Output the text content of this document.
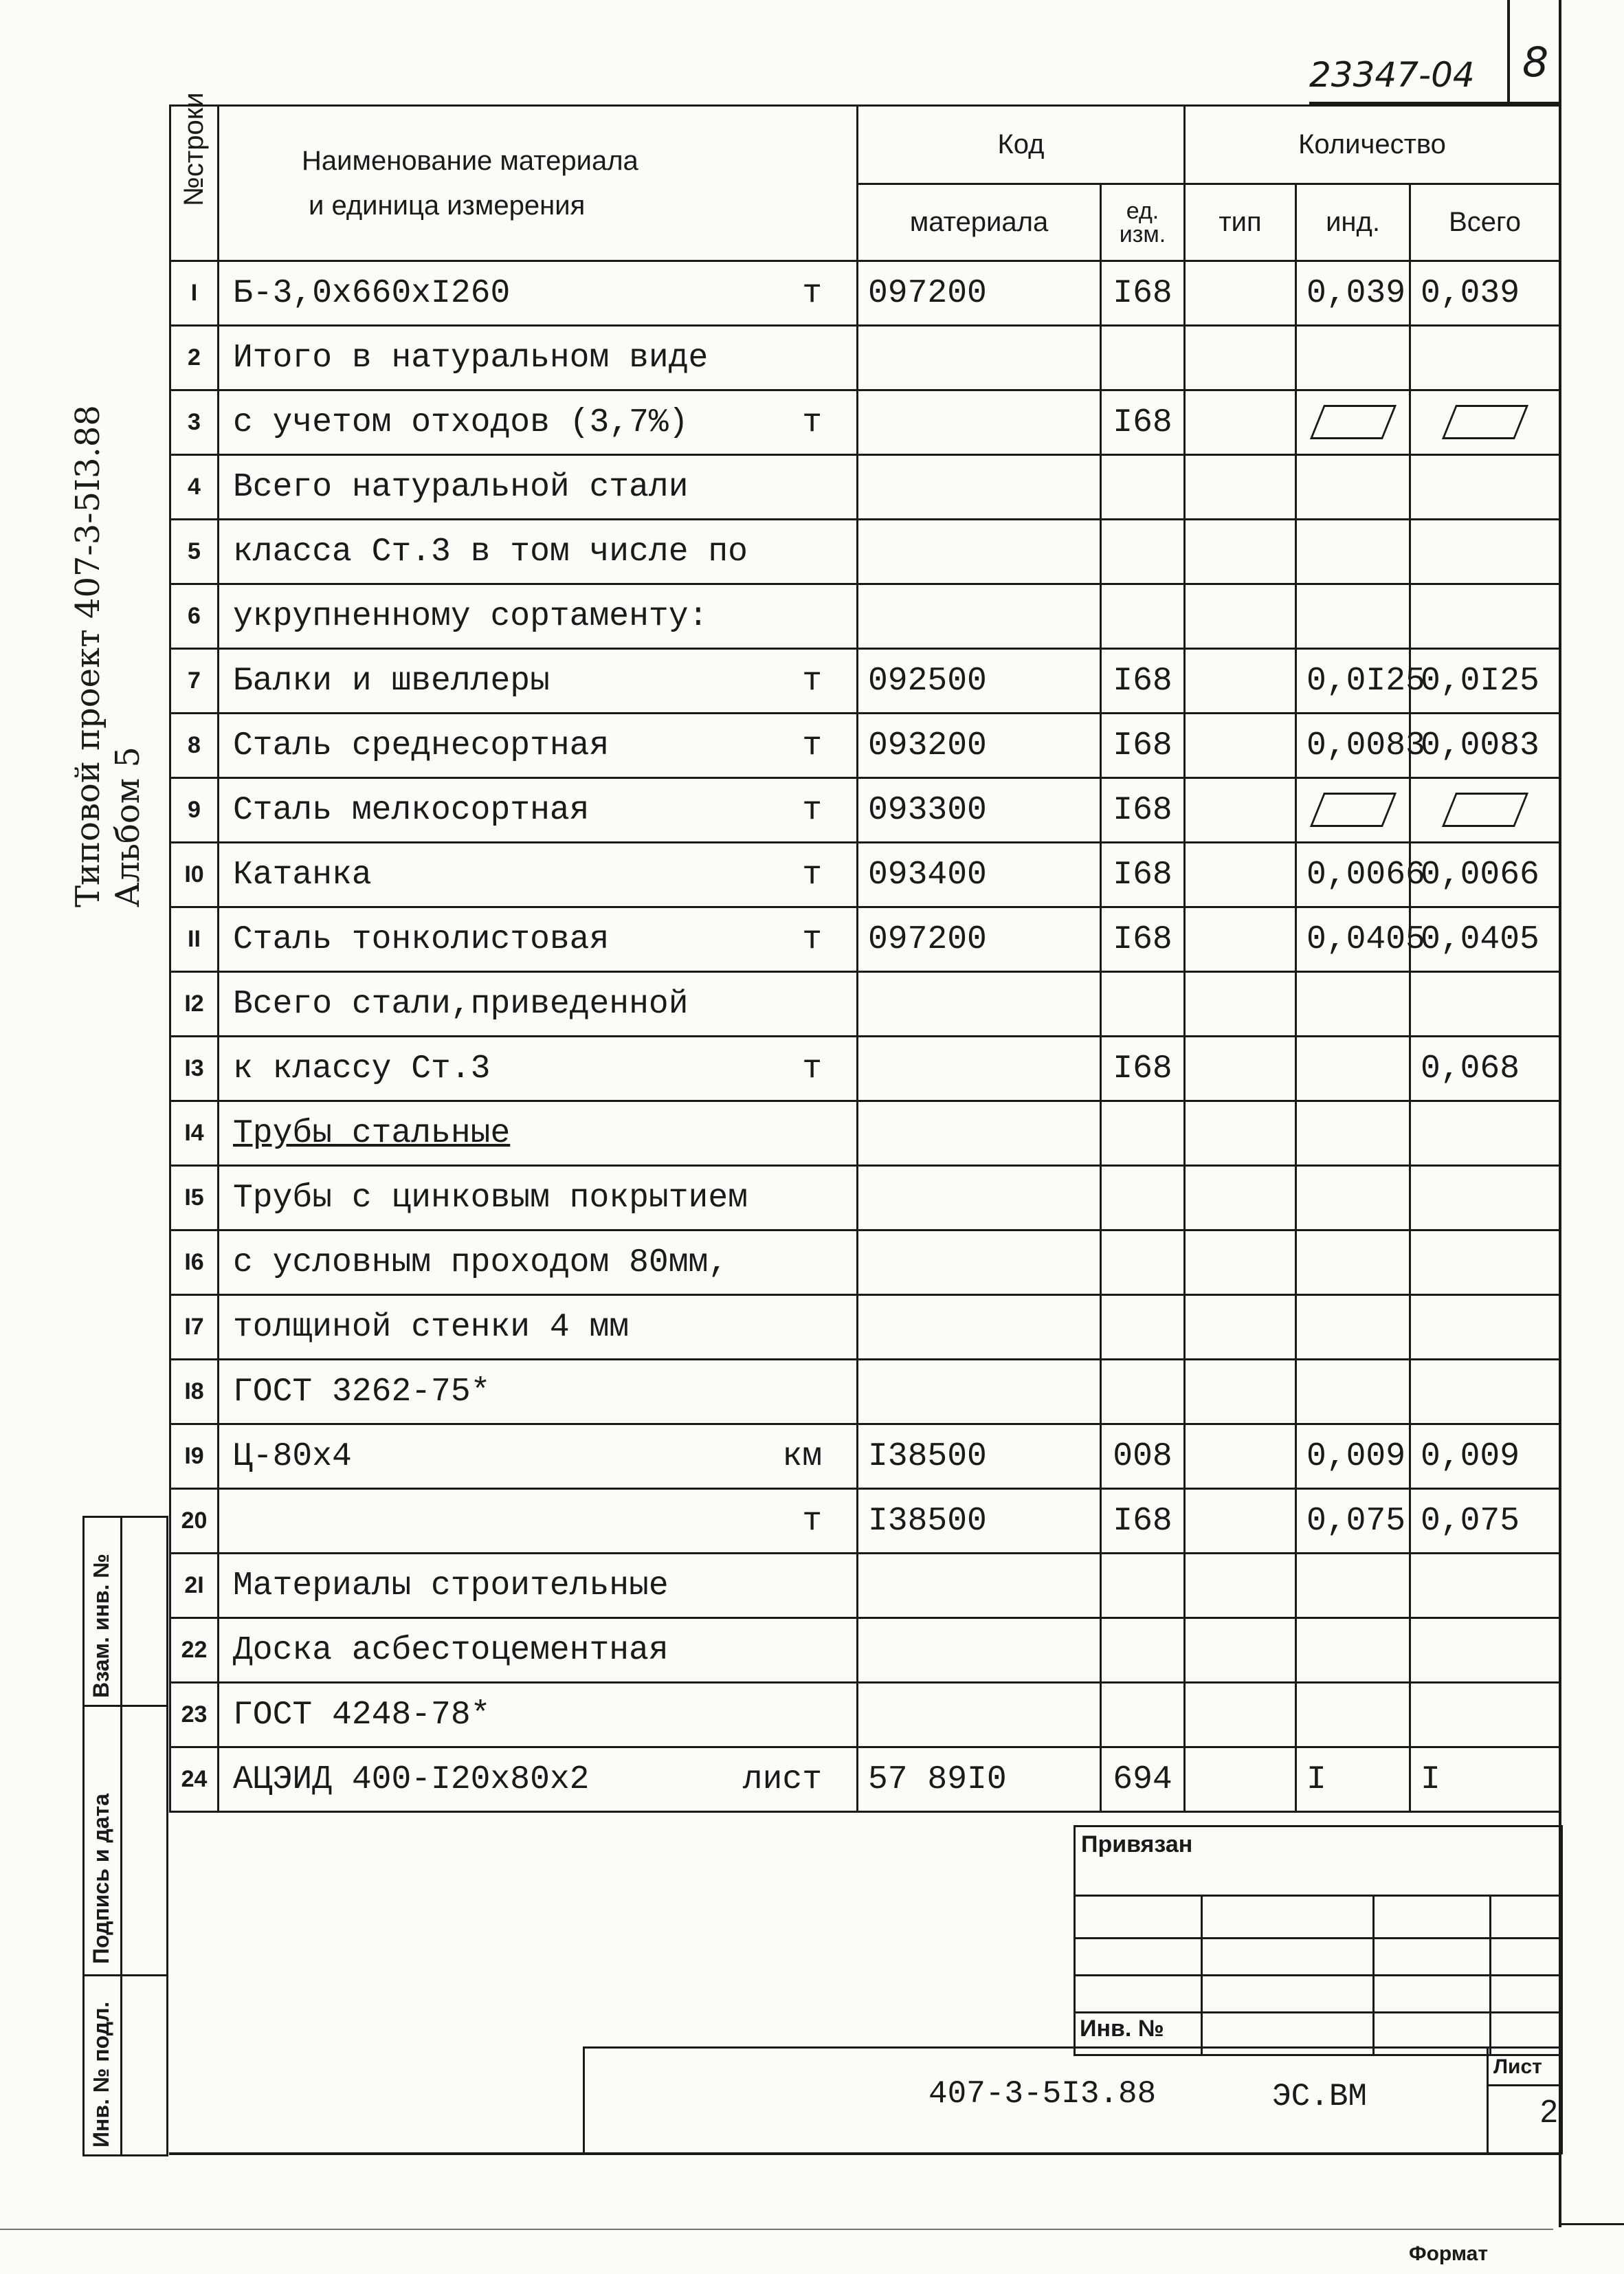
23347-04 8
Типовой проект 407-3-5I3.88 Альбом 5
№строки	Наименование материала
и единица измерения	Код		Количество		
		материала	ед. изм.	тип	инд.	Всего
I	Б-3,0x660xI260 т	097200	I68		0,039	0,039
2	Итого в натуральном виде

3	с учетом отходов (3,7%) т		I68			
4	Всего натуральной стали

5	класса Ст.3 в том числе по

6	укрупненному сортаменту:

7	Балки и швеллеры т	092500	I68		0,0I25	0,0I25
8	Сталь среднесортная т	093200	I68		0,0083	0,0083
9	Сталь мелкосортная т	093300	I68			
I0	Катанка т	093400	I68		0,0066	0,0066
II	Сталь тонколистовая т	097200	I68		0,0405	0,0405
I2	Всего стали,приведенной

I3	к классу Ст.3 т		I68			0,068
I4	Трубы стальные

I5	Трубы с цинковым покрытием

I6	с условным проходом 80мм,

I7	толщиной стенки 4 мм

I8	ГОСТ 3262-75*

I9	Ц-80x4 км	I38500	008		0,009	0,009
20	т	I38500	I68		0,075	0,075
2I	Материалы строительные

22	Доска асбестоцементная

23	ГОСТ 4248-78*

24	АЦЭИД 400-I20x80x2 лист	57 89I0	694		I	I
Взам. инв. №
Подпись и дата
Инв. № подл.
Привязан
Инв. №
407-3-5I3.88	ЭС.ВМ
Лист
2
Формат
